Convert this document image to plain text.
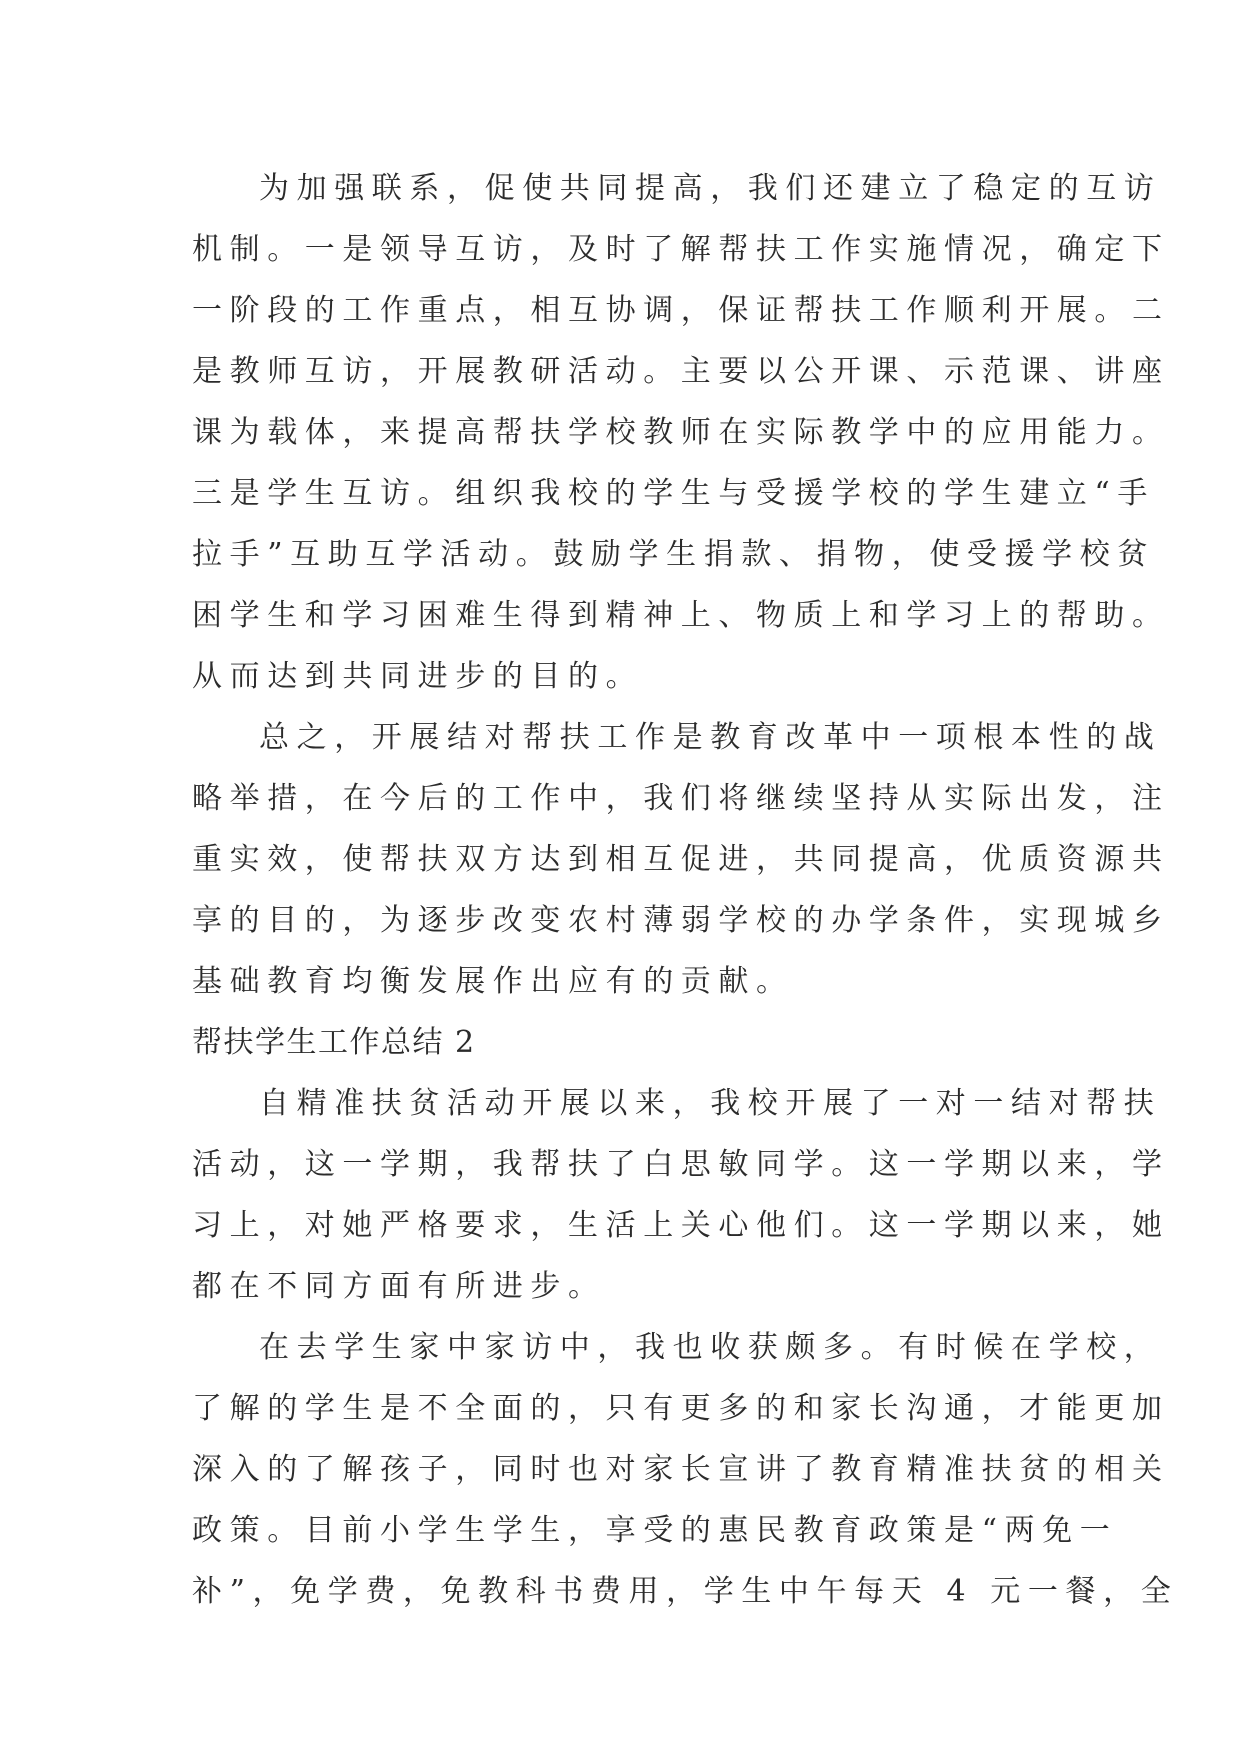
为加强联系，促使共同提高，我们还建立了稳定的互访
机制。一是领导互访，及时了解帮扶工作实施情况，确定下
一阶段的工作重点，相互协调，保证帮扶工作顺利开展。二
是教师互访，开展教研活动。主要以公开课、示范课、讲座
课为载体，来提高帮扶学校教师在实际教学中的应用能力。
三是学生互访。组织我校的学生与受援学校的学生建立“手
拉手”互助互学活动。鼓励学生捐款、捐物，使受援学校贫
困学生和学习困难生得到精神上、物质上和学习上的帮助。
从而达到共同进步的目的。
总之，开展结对帮扶工作是教育改革中一项根本性的战
略举措，在今后的工作中，我们将继续坚持从实际出发，注
重实效，使帮扶双方达到相互促进，共同提高，优质资源共
享的目的，为逐步改变农村薄弱学校的办学条件，实现城乡
基础教育均衡发展作出应有的贡献。
帮扶学生工作总结 2
自精准扶贫活动开展以来，我校开展了一对一结对帮扶
活动，这一学期，我帮扶了白思敏同学。这一学期以来，学
习上，对她严格要求，生活上关心他们。这一学期以来，她
都在不同方面有所进步。
在去学生家中家访中，我也收获颇多。有时候在学校，
了解的学生是不全面的，只有更多的和家长沟通，才能更加
深入的了解孩子，同时也对家长宣讲了教育精准扶贫的相关
政策。目前小学生学生，享受的惠民教育政策是“两免一
补”，免学费，免教科书费用，学生中午每天 4 元一餐，全
